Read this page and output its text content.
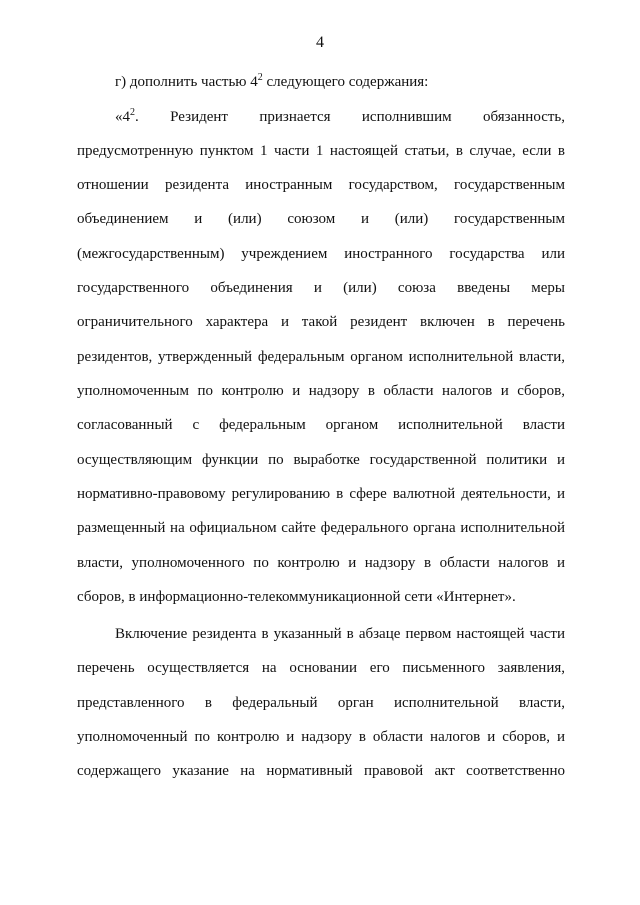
4
г) дополнить частью $4^2$ следующего содержания:
«$4^2$. Резидент признается исполнившим обязанность,
предусмотренную пунктом 1 части 1 настоящей статьи, в случае, если в
отношении резидента иностранным государством, государственным
объединением и (или) союзом и (или) государственным
(межгосударственным) учреждением иностранного государства или
государственного объединения и (или) союза введены меры
ограничительного характера и такой резидент включен в перечень
резидентов, утвержденный федеральным органом исполнительной власти,
уполномоченным по контролю и надзору в области налогов и сборов,
согласованный с федеральным органом исполнительной власти
осуществляющим функции по выработке государственной политики и
нормативно-правовому регулированию в сфере валютной деятельности, и
размещенный на официальном сайте федерального органа исполнительной
власти, уполномоченного по контролю и надзору в области налогов и
сборов, в информационно-телекоммуникационной сети «Интернет».
Включение резидента в указанный в абзаце первом настоящей части
перечень осуществляется на основании его письменного заявления,
представленного в федеральный орган исполнительной власти,
уполномоченный по контролю и надзору в области налогов и сборов, и
содержащего указание на нормативный правовой акт соответственно
